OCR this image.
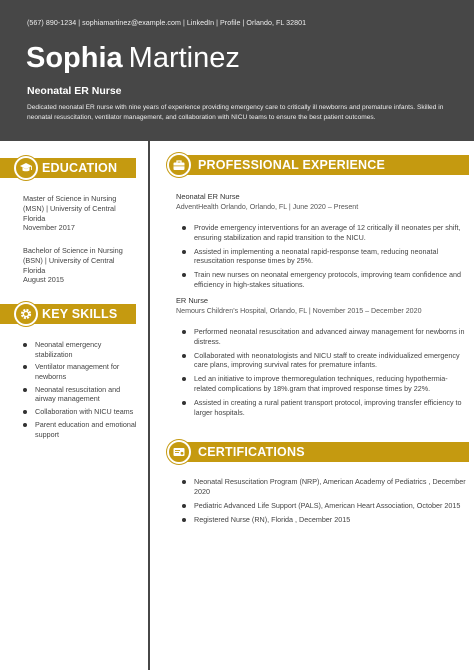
(567) 890-1234 | sophiamartinez@example.com | LinkedIn | Profile | Orlando, FL 32801
Sophia Martinez
Neonatal ER Nurse
Dedicated neonatal ER nurse with nine years of experience providing emergency care to critically ill newborns and premature infants. Skilled in neonatal resuscitation, ventilator management, and collaboration with NICU teams to ensure the best patient outcomes.
EDUCATION
Master of Science in Nursing
(MSN) | University of Central
Florida
November 2017
Bachelor of Science in Nursing
(BSN) | University of Central
Florida
August 2015
KEY SKILLS
Neonatal emergency stabilization
Ventilator management for newborns
Neonatal resuscitation and airway management
Collaboration with NICU teams
Parent education and emotional support
PROFESSIONAL EXPERIENCE
Neonatal ER Nurse
AdventHealth Orlando, Orlando, FL | June 2020 – Present
Provide emergency interventions for an average of 12 critically ill neonates per shift, ensuring stabilization and rapid transition to the NICU.
Assisted in implementing a neonatal rapid-response team, reducing neonatal resuscitation response times by 25%.
Train new nurses on neonatal emergency protocols, improving team confidence and efficiency in high-stakes situations.
ER Nurse
Nemours Children’s Hospital, Orlando, FL | November 2015 – December 2020
Performed neonatal resuscitation and advanced airway management for newborns in distress.
Collaborated with neonatologists and NICU staff to create individualized emergency care plans, improving survival rates for premature infants.
Led an initiative to improve thermoregulation techniques, reducing hypothermia-related complications by 18%.gram that improved response times by 22%.
Assisted in creating a rural patient transport protocol, improving transfer efficiency to larger hospitals.
CERTIFICATIONS
Neonatal Resuscitation Program (NRP), American Academy of Pediatrics , December 2020
Pediatric Advanced Life Support (PALS), American Heart Association, October 2015
Registered Nurse (RN), Florida , December 2015
